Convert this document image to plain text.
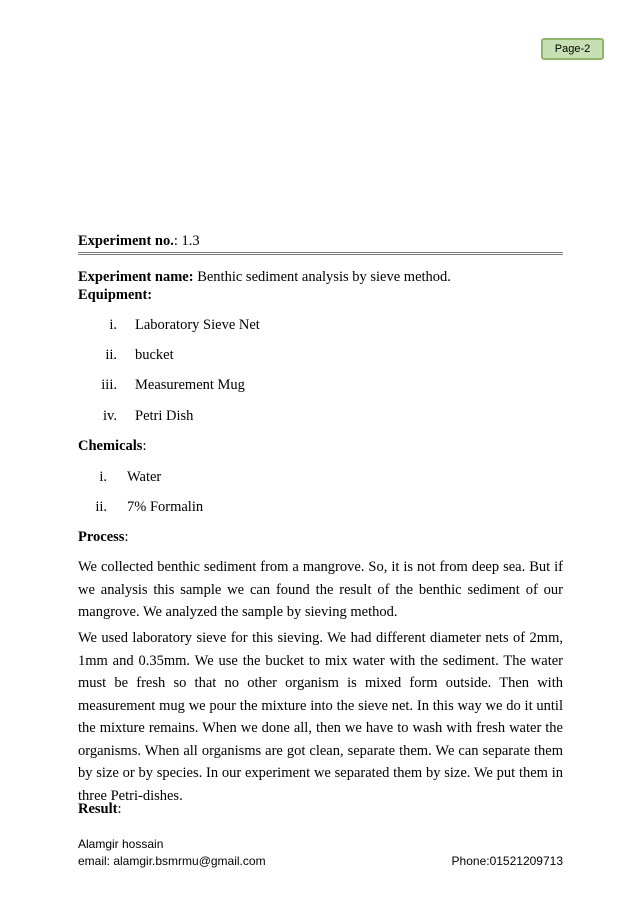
Page-2
Experiment no.: 1.3
Experiment name: Benthic sediment analysis by sieve method.
Equipment:
i. Laboratory Sieve Net
ii. bucket
iii. Measurement Mug
iv. Petri Dish
Chemicals:
i. Water
ii. 7% Formalin
Process:
We collected benthic sediment from a mangrove. So, it is not from deep sea. But if we analysis this sample we can found the result of the benthic sediment of our mangrove. We analyzed the sample by sieving method.
We used laboratory sieve for this sieving. We had different diameter nets of 2mm, 1mm and 0.35mm. We use the bucket to mix water with the sediment. The water must be fresh so that no other organism is mixed form outside. Then with measurement mug we pour the mixture into the sieve net. In this way we do it until the mixture remains. When we done all, then we have to wash with fresh water the organisms. When all organisms are got clean, separate them. We can separate them by size or by species. In our experiment we separated them by size. We put them in three Petri-dishes.
Result:
Alamgir hossain
email: alamgir.bsmrmu@gmail.com	Phone:01521209713
